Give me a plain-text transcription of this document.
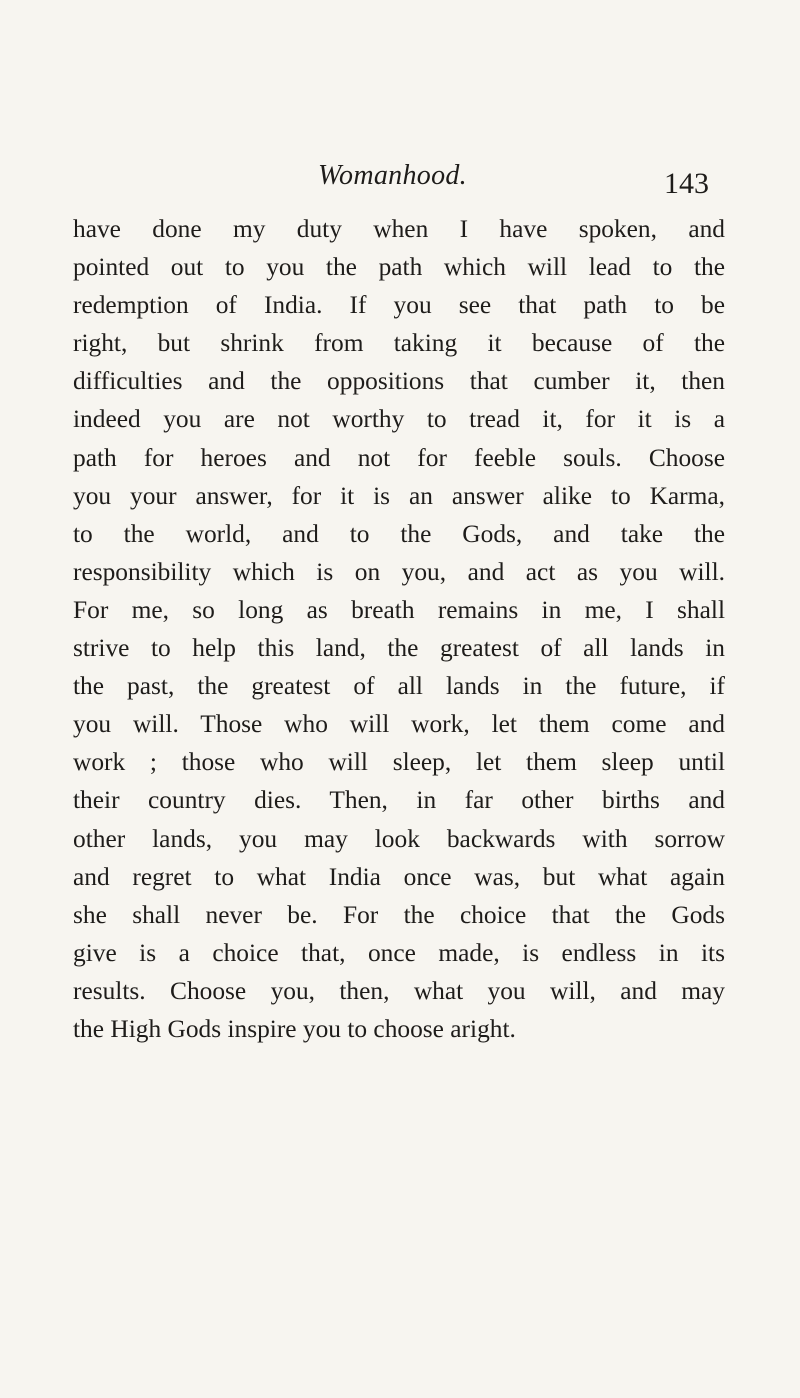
Womanhood.	143
have done my duty when I have spoken, and
pointed out to you the path which will lead to the
redemption of India. If you see that path to be
right, but shrink from taking it because of the
difficulties and the oppositions that cumber it, then
indeed you are not worthy to tread it, for it is a
path for heroes and not for feeble souls. Choose
you your answer, for it is an answer alike to Karma,
to the world, and to the Gods, and take the
responsibility which is on you, and act as you will.
For me, so long as breath remains in me, I shall
strive to help this land, the greatest of all lands in
the past, the greatest of all lands in the future, if
you will. Those who will work, let them come and
work ; those who will sleep, let them sleep until
their country dies. Then, in far other births and
other lands, you may look backwards with sorrow
and regret to what India once was, but what again
she shall never be. For the choice that the Gods
give is a choice that, once made, is endless in its
results. Choose you, then, what you will, and may
the High Gods inspire you to choose aright.
